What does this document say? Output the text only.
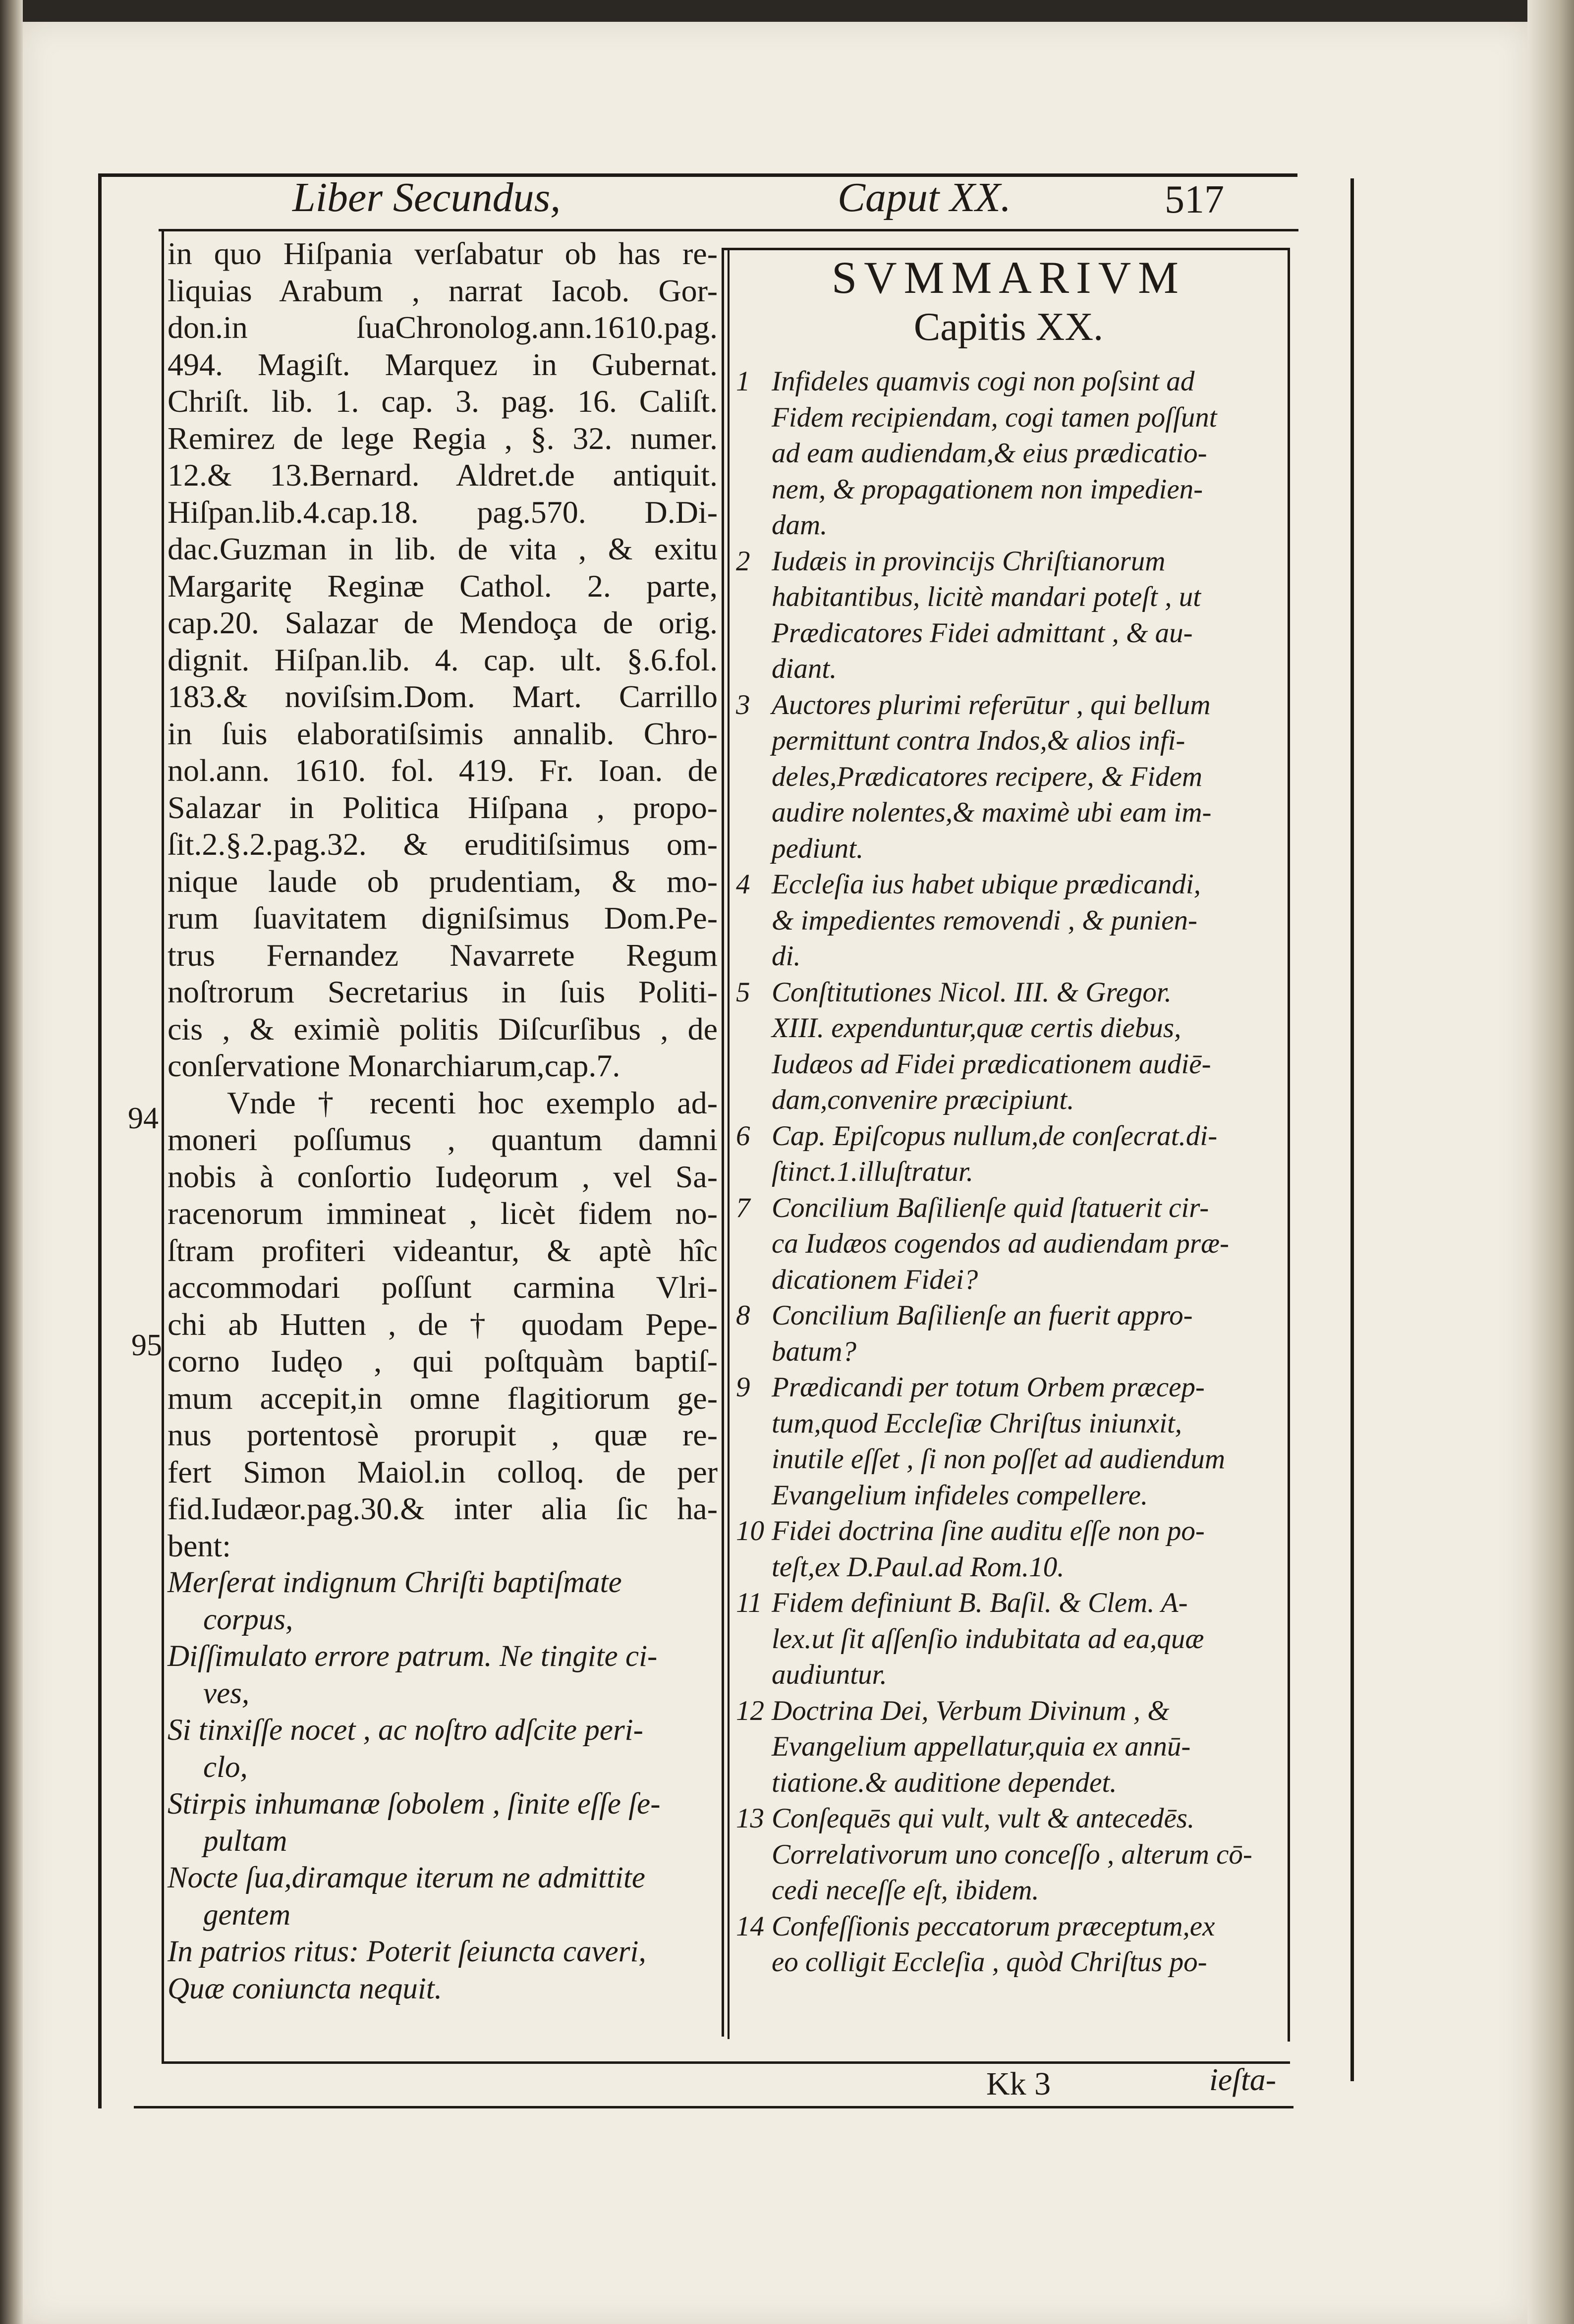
Liber Secundus,	Caput XX.	517
in quo Hiſpania verſabatur ob has re-
liquias Arabum , narrat Iacob. Gor-
don.in ſuaChronolog.ann.1610.pag.
494. Magiſt. Marquez in Gubernat.
Chriſt. lib. 1. cap. 3. pag. 16. Caliſt.
Remirez de lege Regia , §. 32. numer.
12.& 13.Bernard. Aldret.de antiquit.
Hiſpan.lib.4.cap.18. pag.570. D.Di-
dac.Guzman in lib. de vita , & exitu
Margaritę Reginæ Cathol. 2. parte,
cap.20. Salazar de Mendoça de orig.
dignit. Hiſpan.lib. 4. cap. ult. §.6.fol.
183.& noviſsim.Dom. Mart. Carrillo
in ſuis elaboratiſsimis annalib. Chro-
nol.ann. 1610. fol. 419. Fr. Ioan. de
Salazar in Politica Hiſpana , propo-
ſit.2.§.2.pag.32. & eruditiſsimus om-
nique laude ob prudentiam, & mo-
rum ſuavitatem digniſsimus Dom.Pe-
trus Fernandez Navarrete Regum
noſtrorum Secretarius in ſuis Politi-
cis , & eximiè politis Diſcurſibus , de
conſervatione Monarchiarum,cap.7.
Vnde † recenti hoc exemplo ad-
moneri poſſumus , quantum damni
nobis à conſortio Iudęorum , vel Sa-
racenorum immineat , licèt fidem no-
ſtram profiteri videantur, & aptè hîc
accommodari poſſunt carmina Vlri-
chi ab Hutten , de † quodam Pepe-
corno Iudęo , qui poſtquàm baptiſ-
mum accepit,in omne flagitiorum ge-
nus portentosè prorupit , quæ re-
fert Simon Maiol.in colloq. de per
fid.Iudæor.pag.30.& inter alia ſic ha-
bent:
Merſerat indignum Chriſti baptiſmate
corpus,
Diſſimulato errore patrum. Ne tingite ci-
ves,
Si tinxiſſe nocet , ac noſtro adſcite peri-
clo,
Stirpis inhumanæ ſobolem , ſinite eſſe ſe-
pultam
Nocte ſua,diramque iterum ne admittite
gentem
In patrios ritus: Poterit ſeiuncta caveri,
Quæ coniuncta nequit.
94
95
SVMMARIVM
Capitis XX.
1 Infideles quamvis cogi non poſsint ad
Fidem recipiendam, cogi tamen poſſunt
ad eam audiendam,& eius prædicatio-
nem, & propagationem non impedien-
dam.
2 Iudæis in provincijs Chriſtianorum
habitantibus, licitè mandari poteſt , ut
Prædicatores Fidei admittant , & au-
diant.
3 Auctores plurimi referūtur , qui bellum
permittunt contra Indos,& alios infi-
deles,Prædicatores recipere, & Fidem
audire nolentes,& maximè ubi eam im-
pediunt.
4 Eccleſia ius habet ubique prædicandi,
& impedientes removendi , & punien-
di.
5 Conſtitutiones Nicol. III. & Gregor.
XIII. expenduntur,quæ certis diebus,
Iudæos ad Fidei prædicationem audiē-
dam,convenire præcipiunt.
6 Cap. Epiſcopus nullum,de conſecrat.di-
ſtinct.1.illuſtratur.
7 Concilium Baſilienſe quid ſtatuerit cir-
ca Iudæos cogendos ad audiendam præ-
dicationem Fidei?
8 Concilium Baſilienſe an fuerit appro-
batum?
9 Prædicandi per totum Orbem præcep-
tum,quod Eccleſiæ Chriſtus iniunxit,
inutile eſſet , ſi non poſſet ad audiendum
Evangelium infideles compellere.
10 Fidei doctrina ſine auditu eſſe non po-
teſt,ex D.Paul.ad Rom.10.
11 Fidem definiunt B. Baſil. & Clem. A-
lex.ut ſit aſſenſio indubitata ad ea,quæ
audiuntur.
12 Doctrina Dei, Verbum Divinum , &
Evangelium appellatur,quia ex annū-
tiatione.& auditione dependet.
13 Conſequēs qui vult, vult & antecedēs.
Correlativorum uno conceſſo , alterum cō-
cedi neceſſe eſt, ibidem.
14 Confeſſionis peccatorum præceptum,ex
eo colligit Eccleſia , quòd Chriſtus po-
Kk 3	ieſta-
